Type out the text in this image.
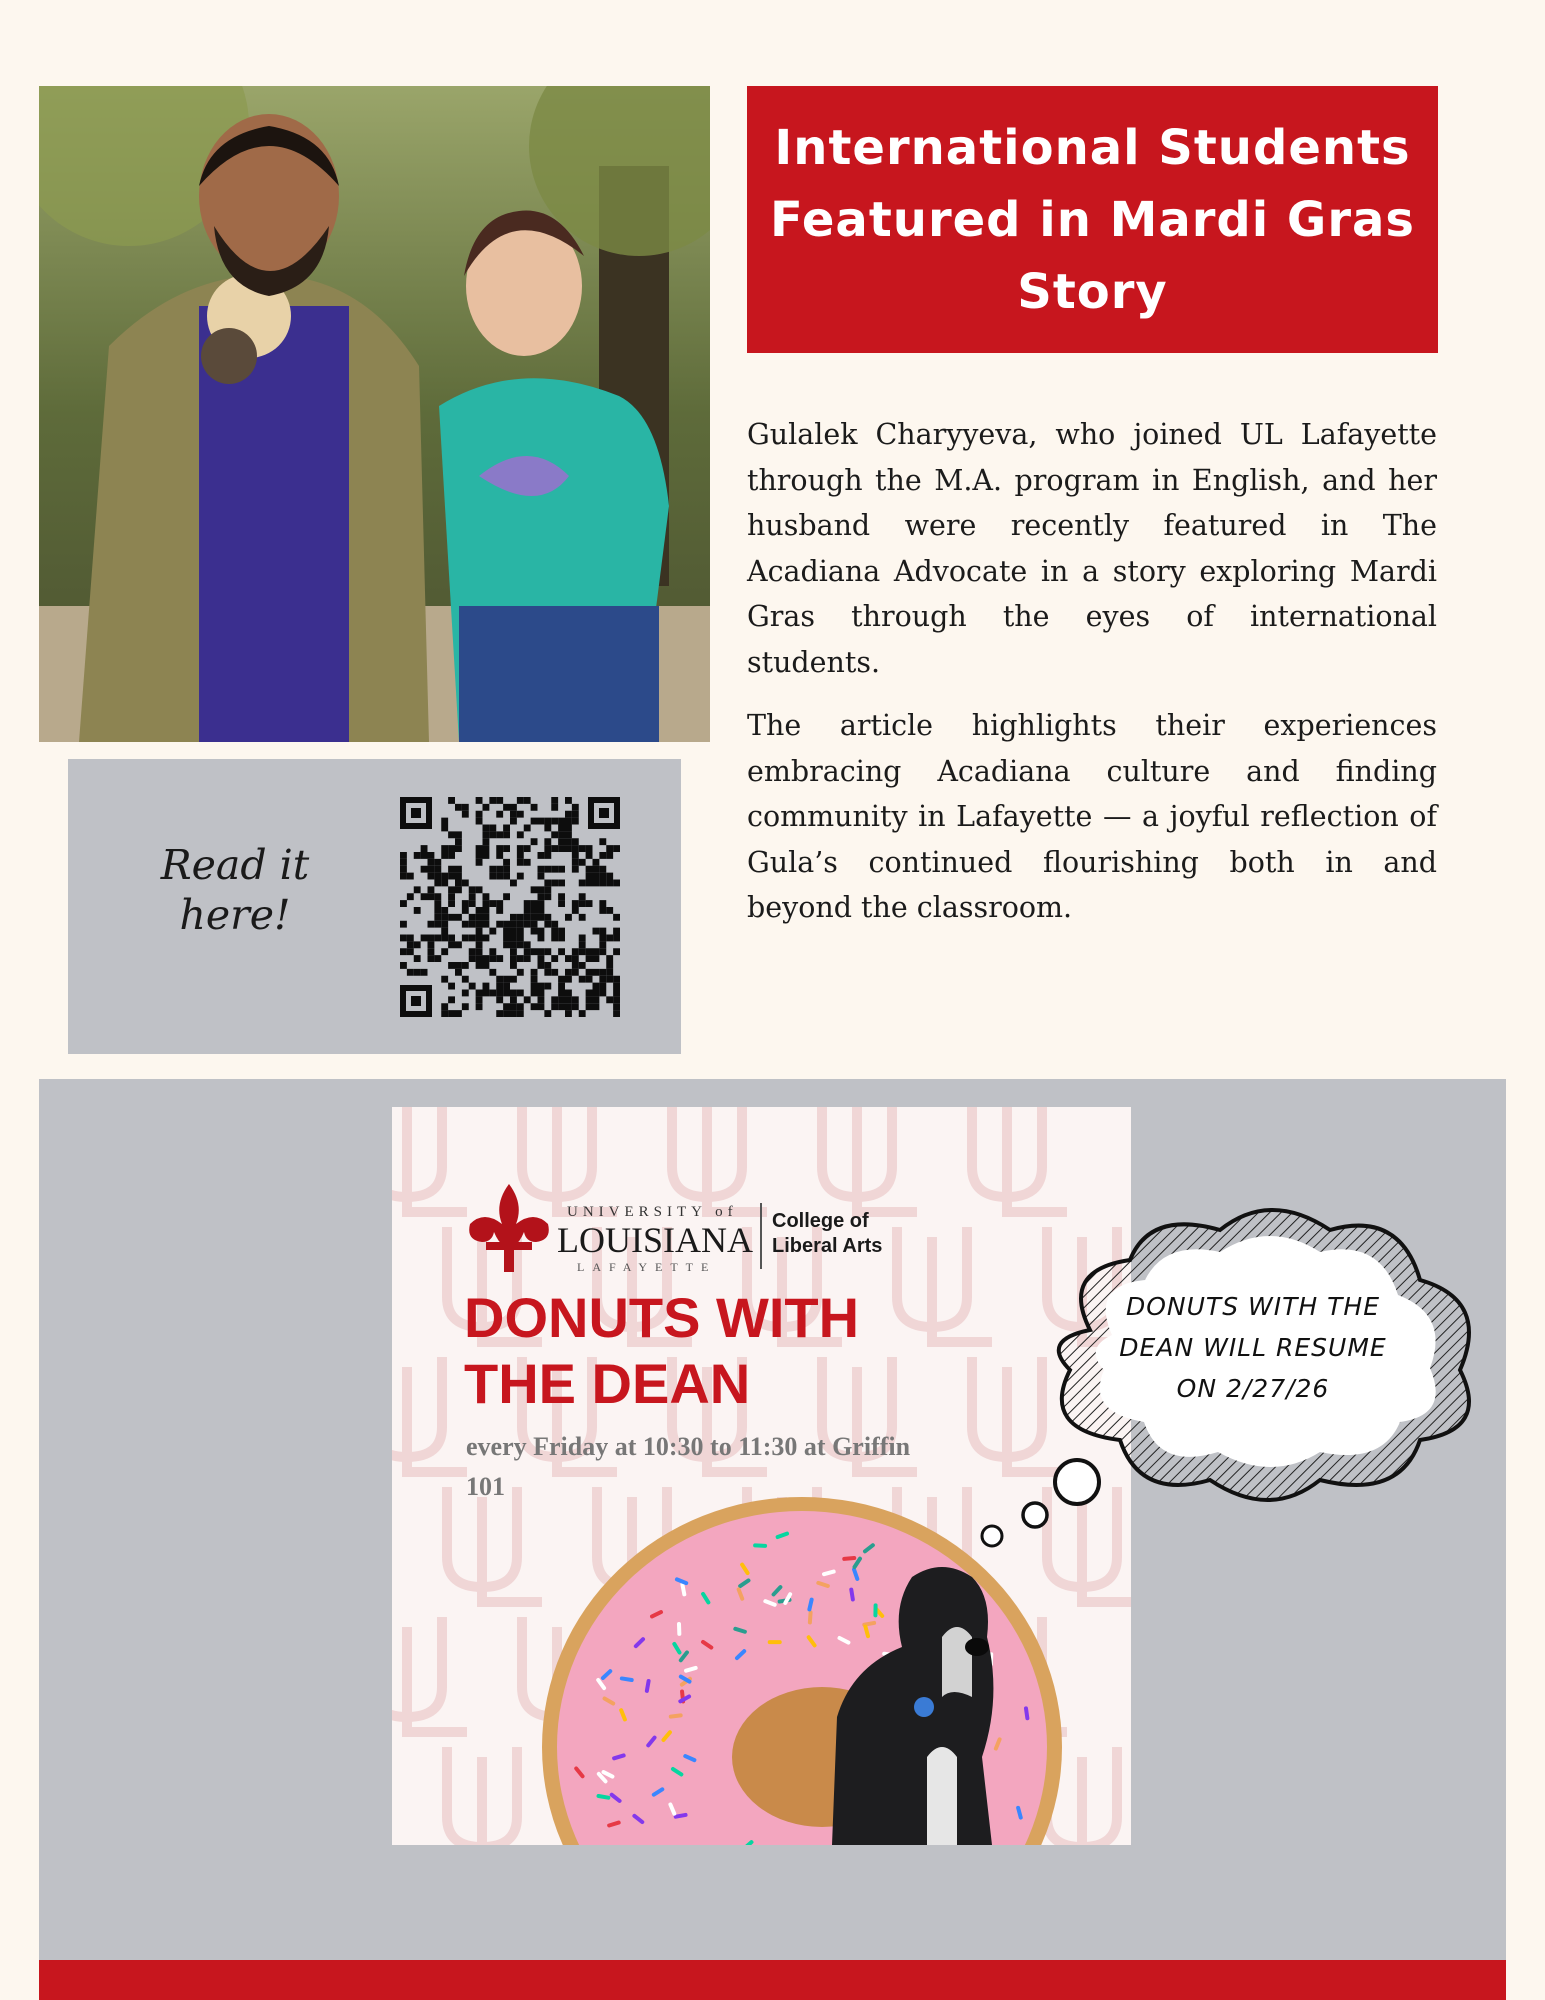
Read it
here!
International Students Featured in Mardi Gras Story

Gulalek Charyyeva, who joined UL Lafayette through the M.A. program in English, and her husband were recently featured in The Acadiana Advocate in a story exploring Mardi Gras through the eyes of international students.

The article highlights their experiences embracing Acadiana culture and finding community in Lafayette — a joyful reflection of Gula’s continued flourishing both in and beyond the classroom.

UNIVERSITY of
LOUISIANA
LAFAYETTE
College of
Liberal Arts
DONUTS WITH
THE DEAN
every Friday at 10:30 to 11:30 at Griffin 101
DONUTS WITH THE
DEAN WILL RESUME
ON 2/27/26
